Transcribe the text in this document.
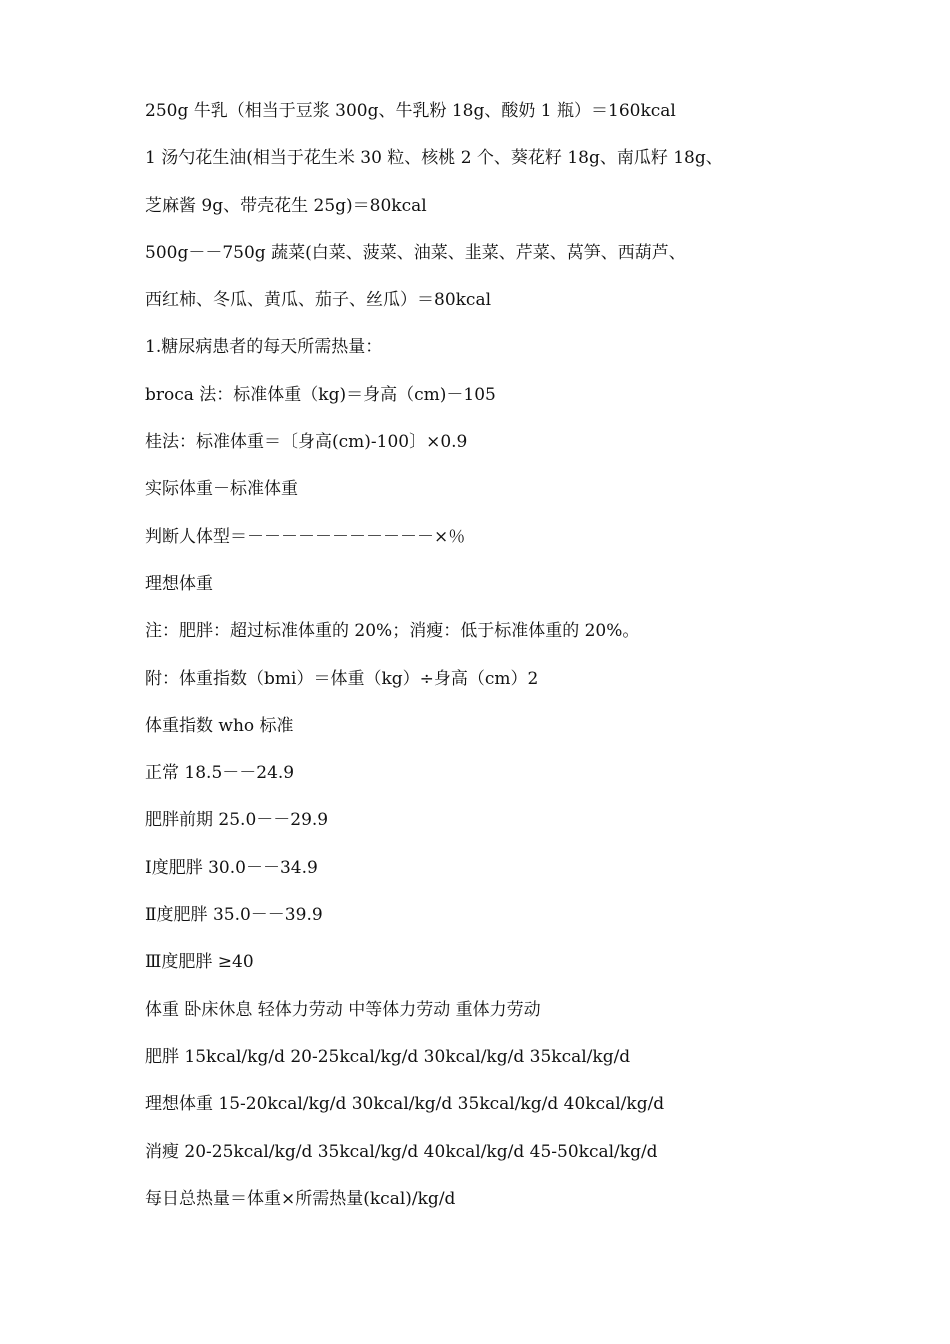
250g 牛乳（相当于豆浆 300g、牛乳粉 18g、酸奶 1 瓶）＝160kcal
1 汤勺花生油(相当于花生米 30 粒、核桃 2 个、葵花籽 18g、南瓜籽 18g、
芝麻酱 9g、带壳花生 25g)＝80kcal
500g－－750g 蔬菜(白菜、菠菜、油菜、韭菜、芹菜、莴笋、西葫芦、
西红柿、冬瓜、黄瓜、茄子、丝瓜）＝80kcal
1.糖尿病患者的每天所需热量：
broca 法：标准体重（kg)＝身高（cm)－105
桂法：标准体重＝〔身高(cm)-100〕×0.9
实际体重－标准体重
判断人体型＝－－－－－－－－－－－×％
理想体重
注：肥胖：超过标准体重的 20%；消瘦：低于标准体重的 20%。
附：体重指数（bmi）＝体重（kg）÷身高（cm）2
体重指数 who 标准
正常 18.5－－24.9
肥胖前期 25.0－－29.9
Ⅰ度肥胖 30.0－－34.9
Ⅱ度肥胖 35.0－－39.9
Ⅲ度肥胖 ≥40
体重 卧床休息 轻体力劳动 中等体力劳动 重体力劳动
肥胖 15kcal/kg/d 20-25kcal/kg/d 30kcal/kg/d 35kcal/kg/d
理想体重 15-20kcal/kg/d 30kcal/kg/d 35kcal/kg/d 40kcal/kg/d
消瘦 20-25kcal/kg/d 35kcal/kg/d 40kcal/kg/d 45-50kcal/kg/d
每日总热量＝体重×所需热量(kcal)/kg/d
